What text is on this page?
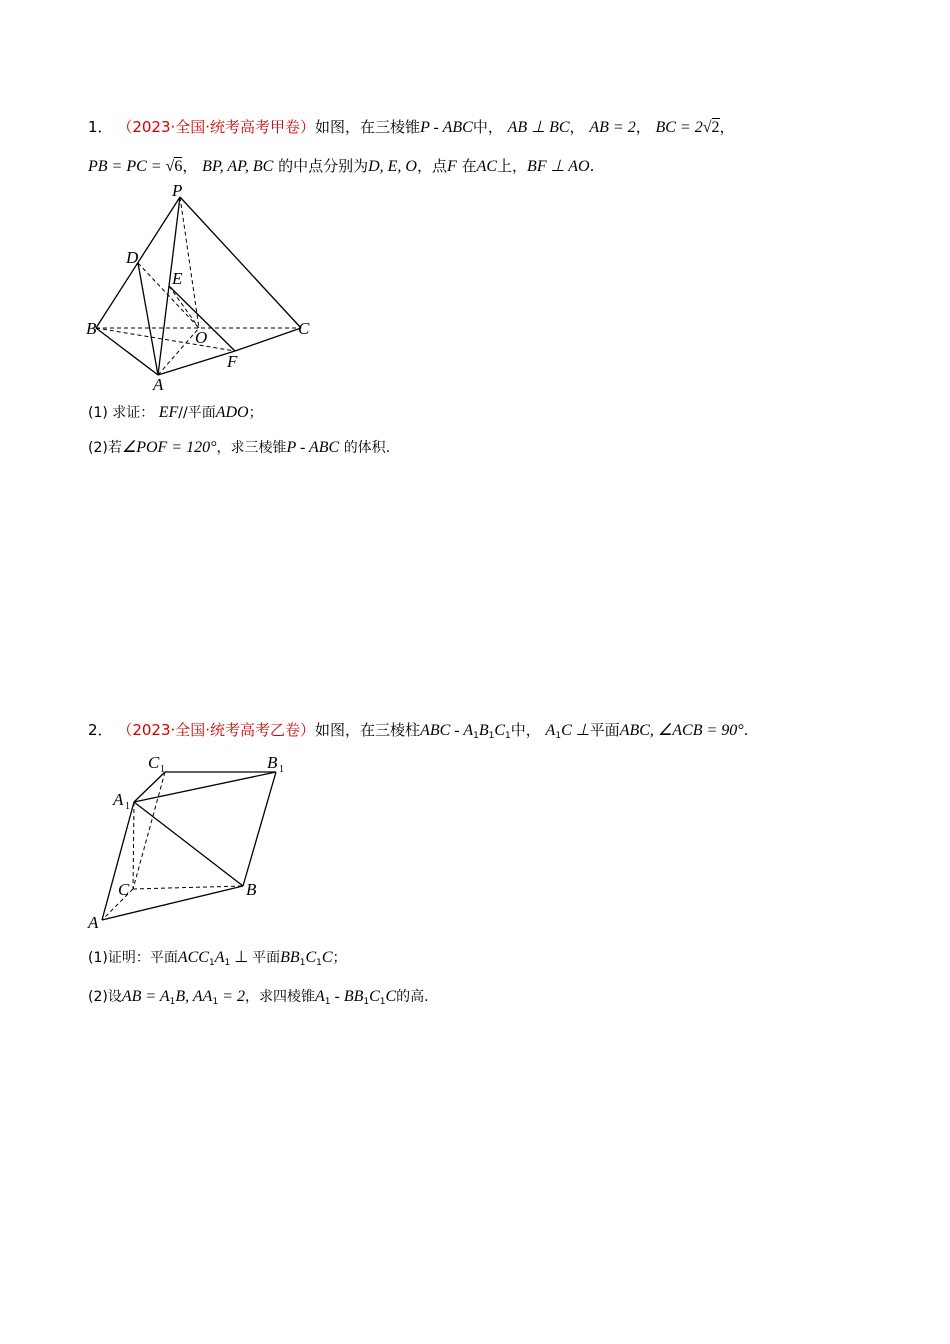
1． （2023·全国·统考高考甲卷）如图，在三棱锥P - ABC中， AB ⊥ BC， AB = 2， BC = 2√2，
PB = PC = √6， BP, AP, BC 的中点分别为D, E, O，点F 在AC上，BF ⊥ AO.
P
D
E
B	O	C
F
A
(1) 求证： EF//平面ADO；
(2)若∠POF = 120°，求三棱锥P - ABC 的体积.
2． （2023·全国·统考高考乙卷）如图，在三棱柱ABC - $A_1B_1C_1$中， $A_1C$ ⊥平面ABC, ∠ACB = 90°.
C 1	B 1
A 1
C	B
A
(1)证明：平面$ACC_1A_1$ ⊥ 平面$BB_1C_1C$；
(2)设AB = $A_1B$, $AA_1 = 2$，求四棱锥$A_1 - BB_1C_1C$的高.
